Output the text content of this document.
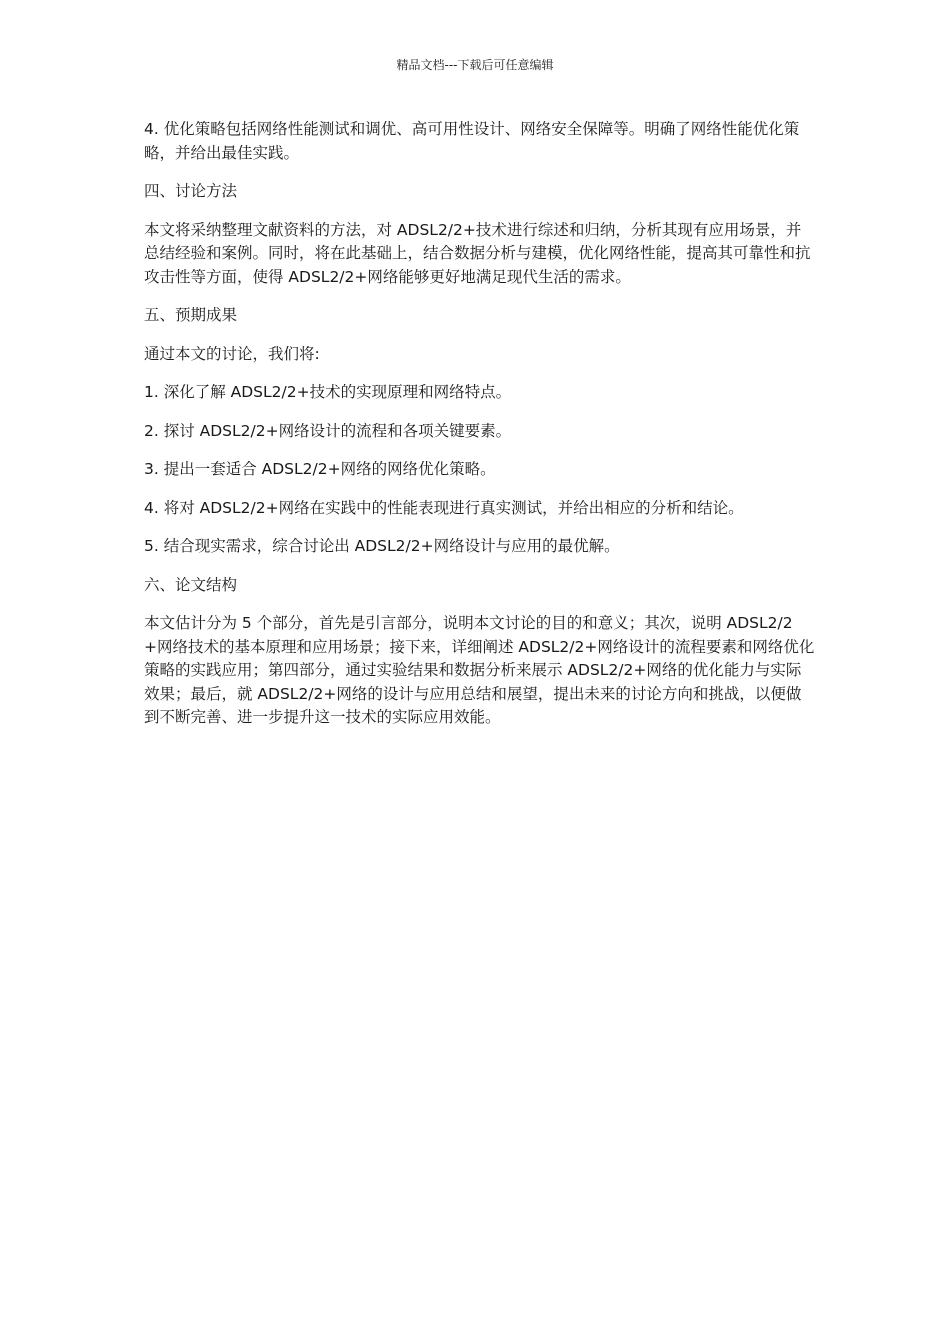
精品文档---下载后可任意编辑

4. 优化策略包括网络性能测试和调优、高可用性设计、网络安全保障等。明确了网络性能优化策略，并给出最佳实践。

四、讨论方法

本文将采纳整理文献资料的方法，对 ADSL2/2+技术进行综述和归纳，分析其现有应用场景，并总结经验和案例。同时，将在此基础上，结合数据分析与建模，优化网络性能，提高其可靠性和抗攻击性等方面，使得 ADSL2/2+网络能够更好地满足现代生活的需求。

五、预期成果

通过本文的讨论，我们将:

1. 深化了解 ADSL2/2+技术的实现原理和网络特点。

2. 探讨 ADSL2/2+网络设计的流程和各项关键要素。

3. 提出一套适合 ADSL2/2+网络的网络优化策略。

4. 将对 ADSL2/2+网络在实践中的性能表现进行真实测试，并给出相应的分析和结论。

5. 结合现实需求，综合讨论出 ADSL2/2+网络设计与应用的最优解。

六、论文结构

本文估计分为 5 个部分，首先是引言部分，说明本文讨论的目的和意义；其次，说明 ADSL2/2+网络技术的基本原理和应用场景；接下来，详细阐述 ADSL2/2+网络设计的流程要素和网络优化策略的实践应用；第四部分，通过实验结果和数据分析来展示 ADSL2/2+网络的优化能力与实际效果；最后，就 ADSL2/2+网络的设计与应用总结和展望，提出未来的讨论方向和挑战，以便做到不断完善、进一步提升这一技术的实际应用效能。
